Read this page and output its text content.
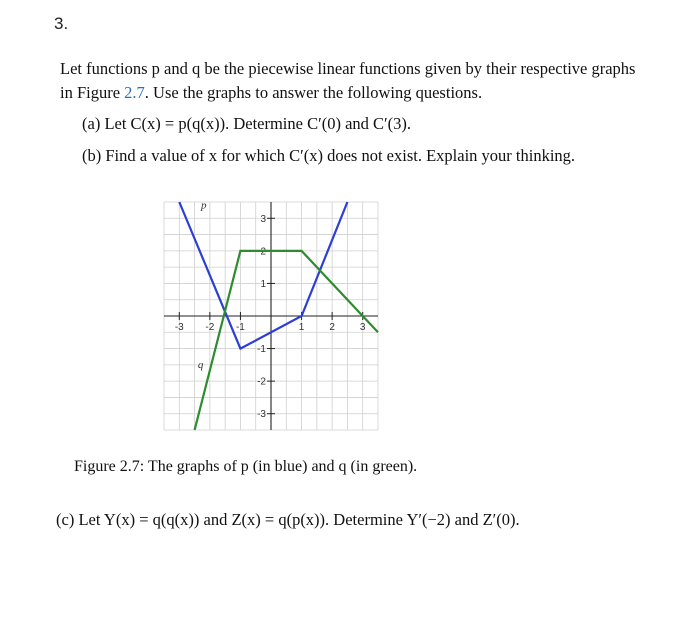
3.
Let functions p and q be the piecewise linear functions given by their respective graphs
in Figure 2.7. Use the graphs to answer the following questions.
(a) Let C(x) = p(q(x)). Determine C′(0) and C′(3).
(b) Find a value of x for which C′(x) does not exist. Explain your thinking.
-3 -2 -1	1	2	3
-3
-2
-1
1
2
3
p
q
Figure 2.7: The graphs of p (in blue) and q (in green).
(c) Let Y(x) = q(q(x)) and Z(x) = q(p(x)). Determine Y′(−2) and Z′(0).
